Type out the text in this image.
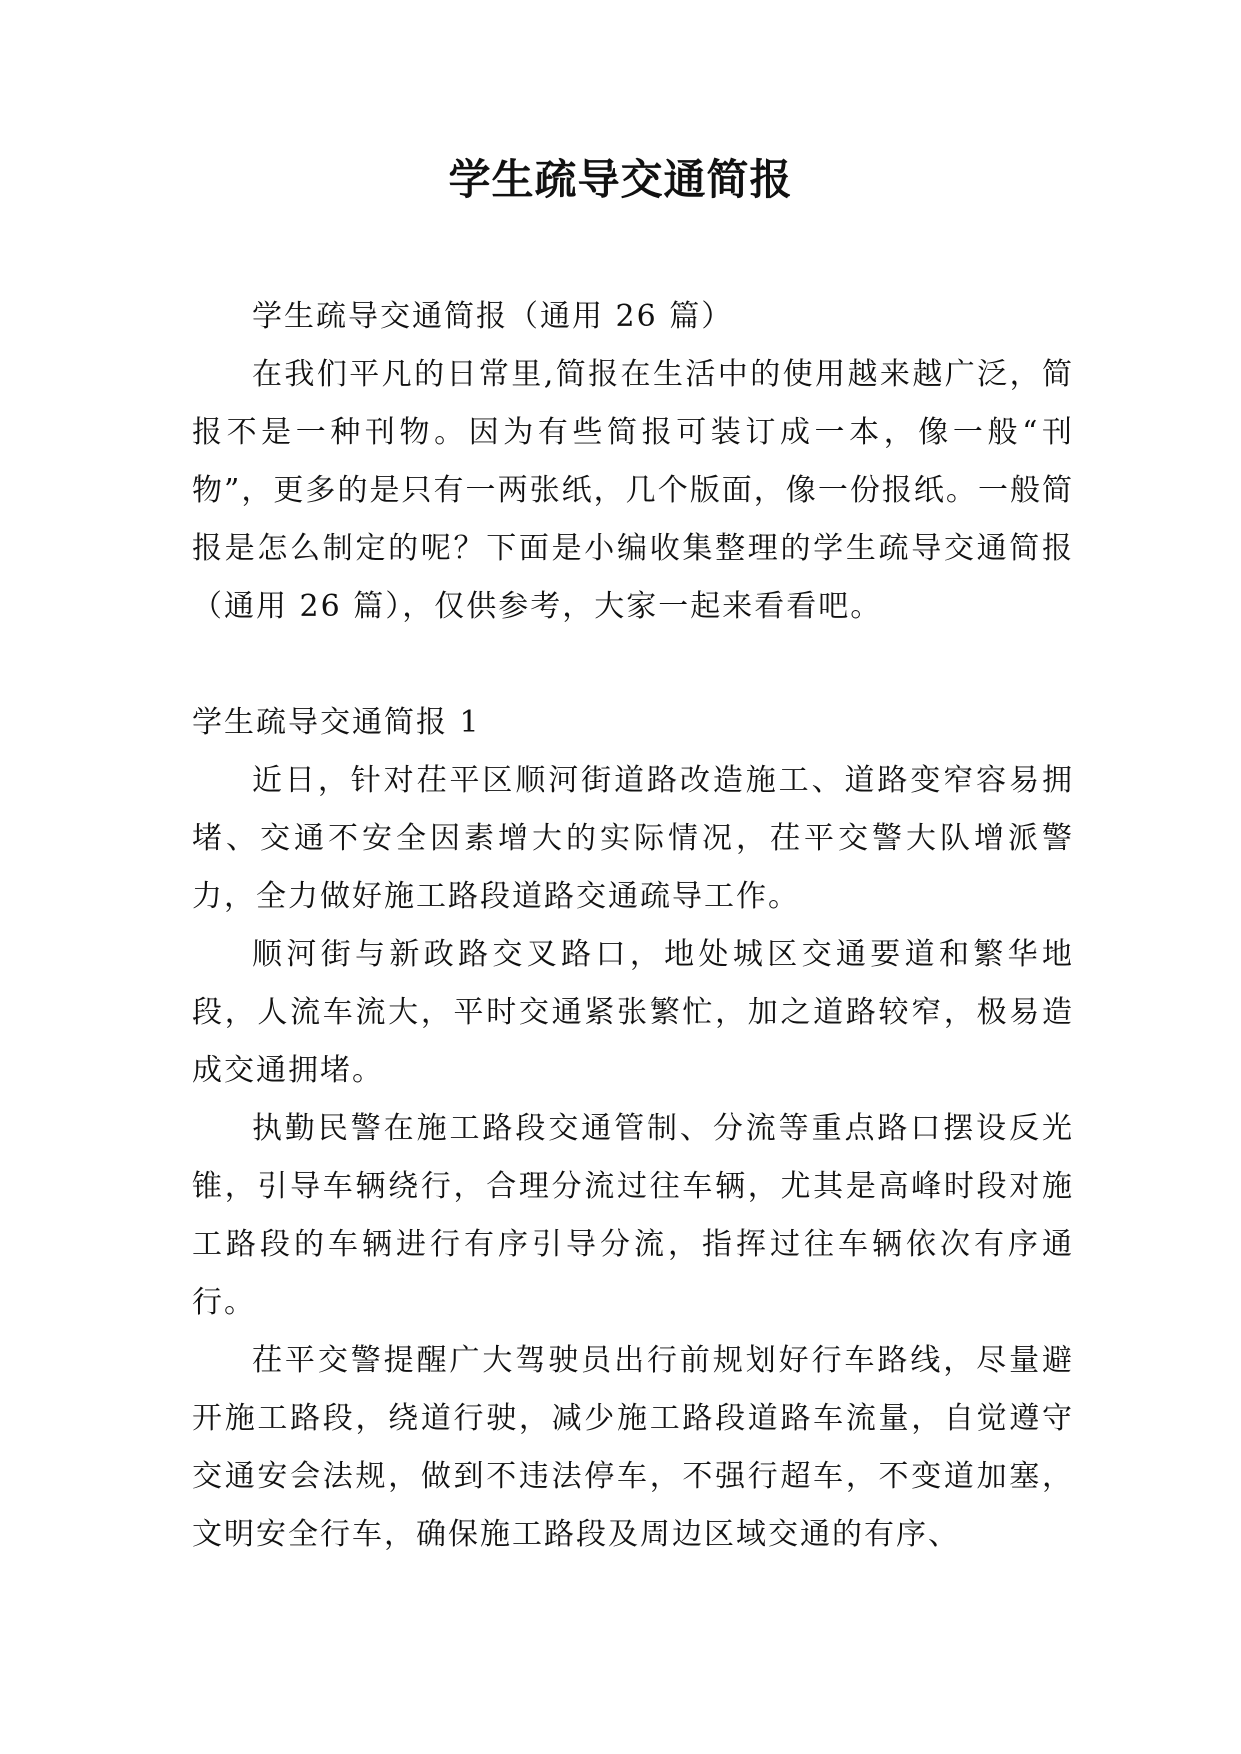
学生疏导交通简报

学生疏导交通简报（通用 26 篇）

在我们平凡的日常里,简报在生活中的使用越来越广泛，简报不是一种刊物。因为有些简报可装订成一本，像一般“刊物”，更多的是只有一两张纸，几个版面，像一份报纸。一般简报是怎么制定的呢？下面是小编收集整理的学生疏导交通简报（通用 26 篇），仅供参考，大家一起来看看吧。

学生疏导交通简报 1

近日，针对茌平区顺河街道路改造施工、道路变窄容易拥堵、交通不安全因素增大的实际情况，茌平交警大队增派警力，全力做好施工路段道路交通疏导工作。

顺河街与新政路交叉路口，地处城区交通要道和繁华地段，人流车流大，平时交通紧张繁忙，加之道路较窄，极易造成交通拥堵。

执勤民警在施工路段交通管制、分流等重点路口摆设反光锥，引导车辆绕行，合理分流过往车辆，尤其是高峰时段对施工路段的车辆进行有序引导分流，指挥过往车辆依次有序通行。

茌平交警提醒广大驾驶员出行前规划好行车路线，尽量避开施工路段，绕道行驶，减少施工路段道路车流量，自觉遵守交通安会法规，做到不违法停车，不强行超车，不变道加塞，文明安全行车，确保施工路段及周边区域交通的有序、
